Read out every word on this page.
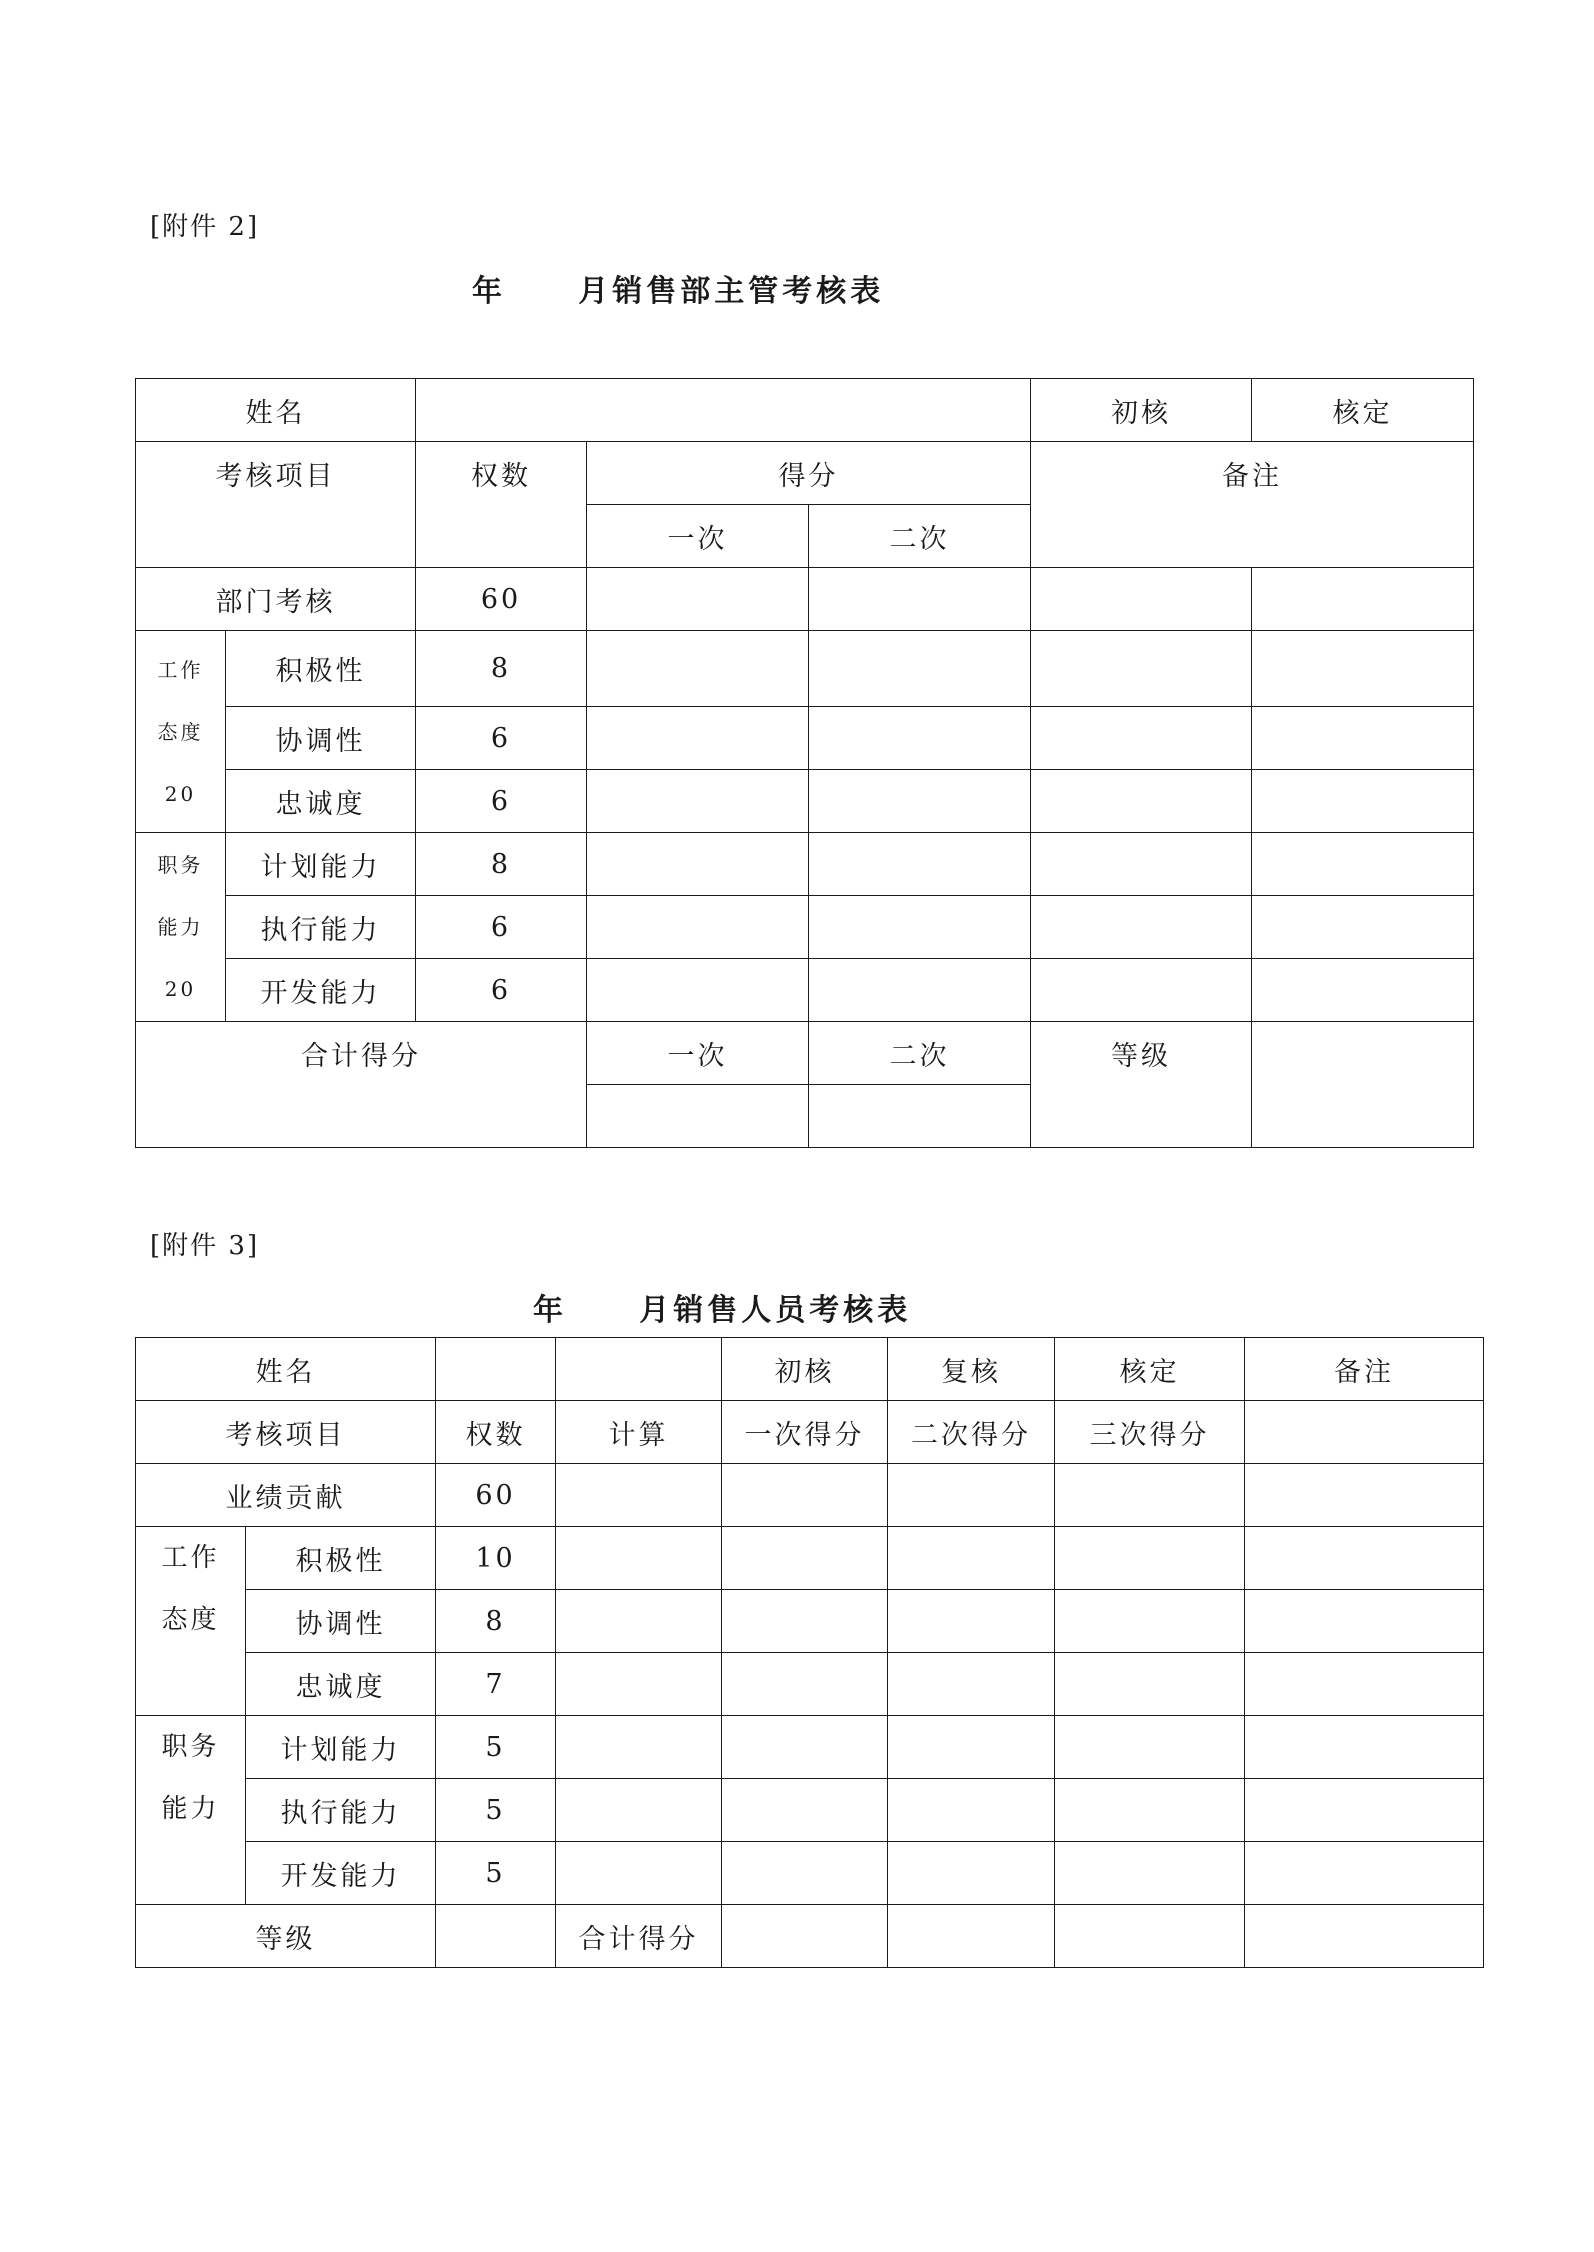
[附件 2]
年     月销售部主管考核表
姓名					初核	核定
考核项目		权数	得分		备注	
			一次	二次		
部门考核		60				

工作
态度
20	积极性	8				
	协调性	6				
	忠诚度	6				

职务
能力
20	计划能力	8				
	执行能力	6				
	开发能力	6				
合计得分			一次	二次	等级	

[附件 3]
年     月销售人员考核表
姓名				初核	复核	核定	备注
考核项目		权数	计算	一次得分	二次得分	三次得分	
业绩贡献		60					

工作
态度	积极性	10					
	协调性	8					
	忠诚度	7					

职务
能力	计划能力	5					
	执行能力	5					
	开发能力	5					
等级			合计得分				
